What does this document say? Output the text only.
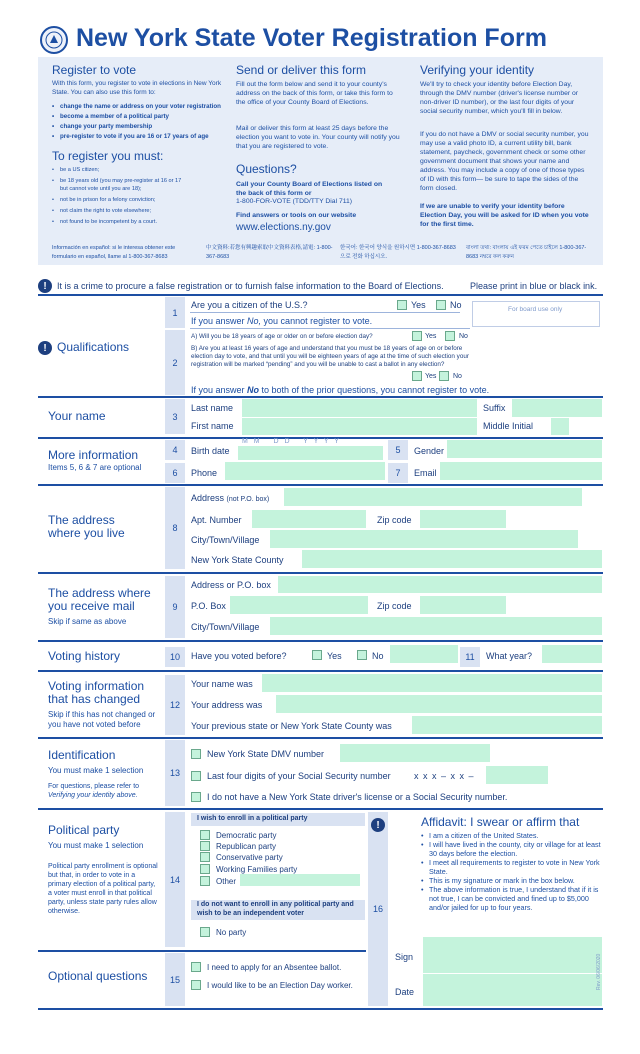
New York State Voter Registration Form
Register to vote
With this form, you register to vote in elections in New York State. You can also use this form to:
• change the name or address on your voter registration
• become a member of a political party
• change your party membership
• pre-register to vote if you are 16 or 17 years of age
To register you must:
• be a US citizen;
• be 18 years old (you may pre-register at 16 or 17 but cannot vote until you are 18);
• not be in prison for a felony conviction;
• not claim the right to vote elsewhere;
• not found to be incompetent by a court.
Send or deliver this form
Fill out the form below and send it to your county's address on the back of this form, or take this form to the office of your County Board of Elections.
Mail or deliver this form at least 25 days before the election you want to vote in. Your county will notify you that you are registered to vote.
Questions?
Call your County Board of Elections listed on the back of this form or
1-800-FOR-VOTE (TDD/TTY Dial 711)
Find answers or tools on our website
www.elections.ny.gov
Verifying your identity
We'll try to check your identity before Election Day, through the DMV number (driver's license number or non-driver ID number), or the last four digits of your social security number, which you'll fill in below.
If you do not have a DMV or social security number, you may use a valid photo ID, a current utility bill, bank statement, paycheck, government check or some other government document that shows your name and address. You may include a copy of one of those types of ID with this form— be sure to tape the sides of the form closed.
If we are unable to verify your identity before Election Day, you will be asked for ID when you vote for the first time.
Información en español: si le interesa obtener este formulario en español, llame al 1-800-367-8683
中文資料:若您有興趣索取中文資料表格,請電: 1-800-367-8683
한국어: 한국어 양식을 원하시면 1-800-367-8683 으로 전화 하십시오.
বাংলা তথ্য: বাংলায় এই ফরম পেতে চাইলে 1-800-367-8683 নম্বরে কল করুন
!	It is a crime to procure a false registration or to furnish false information to the Board of Elections.	Please print in blue or black ink.
! Qualifications
1
2
Are you a citizen of the U.S.?	Yes	No	For board use only
If you answer No, you cannot register to vote.
A) Will you be 18 years of age or older on or before election day?	Yes	No
B) Are you at least 16 years of age and understand that you must be 18 years of age on or before election day to vote, and that until you will be eighteen years of age at the time of such election your registration will be marked “pending” and you will be unable to cast a ballot in any election?
Yes No
If you answer No to both of the prior questions, you cannot register to vote.
Your name	3
Last name	Suffix
First name	Middle Initial
More information
Items 5, 6 & 7 are optional
4	Birth date
M M   D D   Y Y Y Y
5	Gender
6	Phone	7	Email
The address where you live	8
Address (not P.O. box)
Apt. Number	Zip code
City/Town/Village
New York State County
The address where you receive mail
Skip if same as above
9
Address or P.O. box
P.O. Box	Zip code
City/Town/Village
Voting history	10	Have you voted before?	Yes	No	11	What year?
Voting information that has changed
Skip if this has not changed or you have not voted before
12
Your name was
Your address was
Your previous state or New York State County was
Identification
You must make 1 selection
For questions, please refer to
Verifying your identity above.
13
New York State DMV number
Last four digits of your Social Security number	x x x – x x –
I do not have a New York State driver's license or a Social Security number.
Political party
You must make 1 selection
Political party enrollment is optional but that, in order to vote in a primary election of a political party, a voter must enroll in that political party, unless state party rules allow otherwise.
14
I wish to enroll in a political party
Democratic party
Republican party
Conservative party
Working Families party
Other
I do not want to enroll in any political party and wish to be an independent voter
No party
16
!	Affidavit: I swear or affirm that
• I am a citizen of the United States.
• I will have lived in the county, city or village for at least 30 days before the election.
• I meet all requirements to register to vote in New York State.
• This is my signature or mark in the box below.
• The above information is true, I understand that if it is not true, I can be convicted and fined up to $5,000 and/or jailed for up to four years.
Sign
Date
Optional questions	15
I need to apply for an Absentee ballot.
I would like to be an Election Day worker.	Rev. 06/06/2020
